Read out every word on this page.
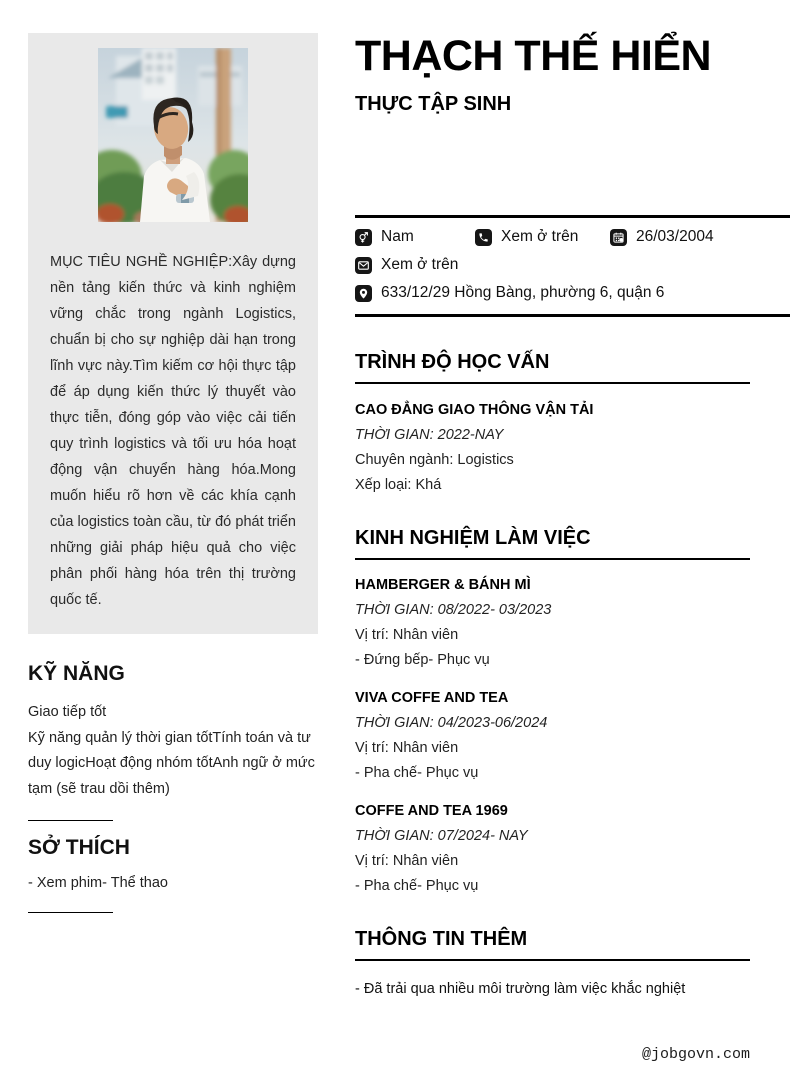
MỤC TIÊU NGHỀ NGHIỆP:Xây dựng nền tảng kiến thức và kinh nghiệm vững chắc trong ngành Logistics, chuẩn bị cho sự nghiệp dài hạn trong lĩnh vực này.Tìm kiếm cơ hội thực tập để áp dụng kiến thức lý thuyết vào thực tiễn, đóng góp vào việc cải tiến quy trình logistics và tối ưu hóa hoạt động vận chuyển hàng hóa.Mong muốn hiểu rõ hơn về các khía cạnh của logistics toàn cầu, từ đó phát triển những giải pháp hiệu quả cho việc phân phối hàng hóa trên thị trường quốc tế.

KỸ NĂNG
Giao tiếp tốt
Kỹ năng quản lý thời gian tốtTính toán và tư duy logicHoạt động nhóm tốtAnh ngữ ở mức tạm (sẽ trau dồi thêm)
SỞ THÍCH
- Xem phim- Thể thao
THẠCH THẾ HIỂN
THỰC TẬP SINH
Nam	Xem ở trên	26/03/2004
Xem ở trên
633/12/29 Hồng Bàng, phường 6, quận 6
TRÌNH ĐỘ HỌC VẤN
CAO ĐẲNG GIAO THÔNG VẬN TẢI
THỜI GIAN: 2022-NAY
Chuyên ngành: Logistics
Xếp loại: Khá
KINH NGHIỆM LÀM VIỆC
HAMBERGER & BÁNH MÌ
THỜI GIAN: 08/2022- 03/2023
Vị trí: Nhân viên
- Đứng bếp- Phục vụ
VIVA COFFE AND TEA
THỜI GIAN: 04/2023-06/2024
Vị trí: Nhân viên
- Pha chế- Phục vụ
COFFE AND TEA 1969
THỜI GIAN: 07/2024- NAY
Vị trí: Nhân viên
- Pha chế- Phục vụ
THÔNG TIN THÊM
- Đã trải qua nhiều môi trường làm việc khắc nghiệt
@jobgovn.com
